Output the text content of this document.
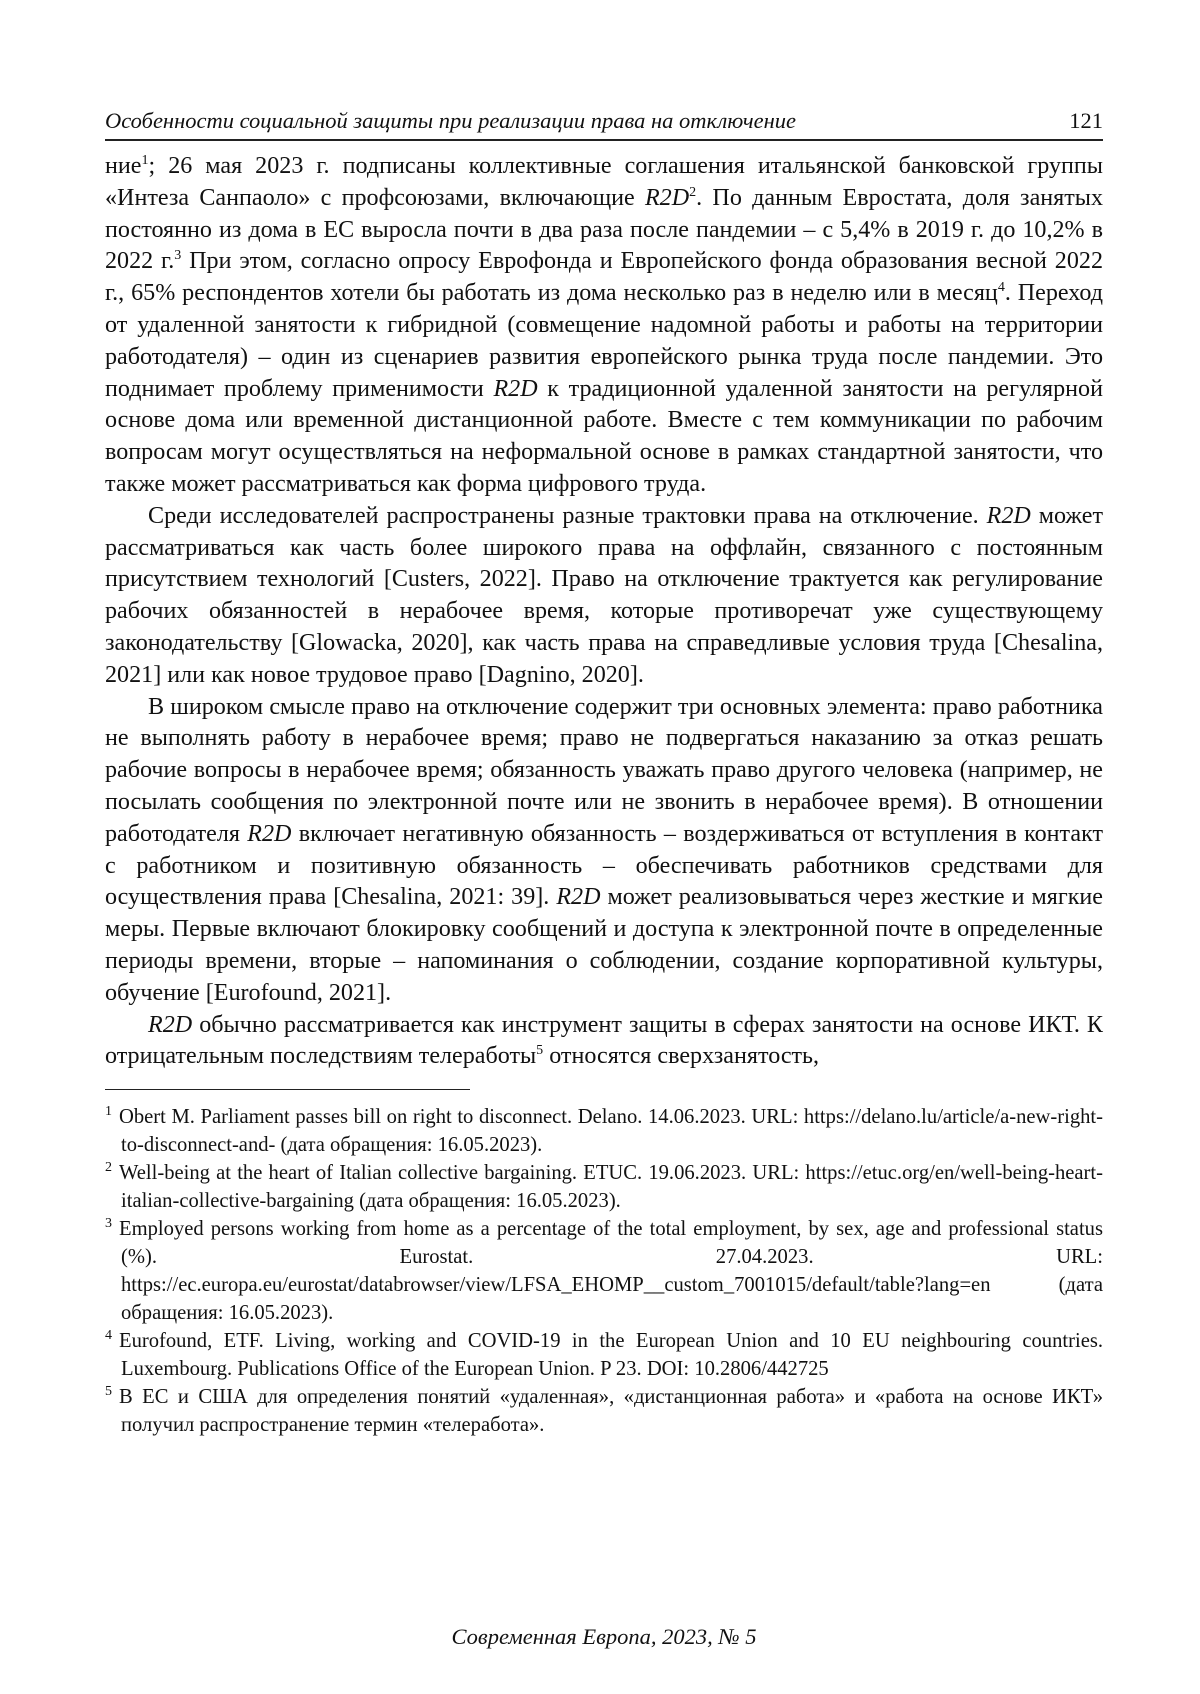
Особенности социальной защиты при реализации права на отключение	121

ние$^1$; 26 мая 2023 г. подписаны коллективные соглашения итальянской банковской группы «Интеза Санпаоло» с профсоюзами, включающие $R2D^2$. По данным Евростата, доля занятых постоянно из дома в ЕС выросла почти в два раза после пандемии – с 5,4% в 2019 г. до 10,2% в 2022 г.$^3$ При этом, согласно опросу Еврофонда и Европейского фонда образования весной 2022 г., 65% респондентов хотели бы работать из дома несколько раз в неделю или в месяц$^4$. Переход от удаленной занятости к гибридной (совмещение надомной работы и работы на территории работодателя) – один из сценариев развития европейского рынка труда после пандемии. Это поднимает проблему применимости R2D к традиционной удаленной занятости на регулярной основе дома или временной дистанционной работе. Вместе с тем коммуникации по рабочим вопросам могут осуществляться на неформальной основе в рамках стандартной занятости, что также может рассматриваться как форма цифрового труда.

Среди исследователей распространены разные трактовки права на отключение. R2D может рассматриваться как часть более широкого права на оффлайн, связанного с постоянным присутствием технологий [Custers, 2022]. Право на отключение трактуется как регулирование рабочих обязанностей в нерабочее время, которые противоречат уже существующему законодательству [Glowacka, 2020], как часть права на справедливые условия труда [Chesalina, 2021] или как новое трудовое право [Dagnino, 2020].

В широком смысле право на отключение содержит три основных элемента: право работника не выполнять работу в нерабочее время; право не подвергаться наказанию за отказ решать рабочие вопросы в нерабочее время; обязанность уважать право другого человека (например, не посылать сообщения по электронной почте или не звонить в нерабочее время). В отношении работодателя R2D включает негативную обязанность – воздерживаться от вступления в контакт с работником и позитивную обязанность – обеспечивать работников средствами для осуществления права [Chesalina, 2021: 39]. R2D может реализовываться через жесткие и мягкие меры. Первые включают блокировку сообщений и доступа к электронной почте в определенные периоды времени, вторые – напоминания о соблюдении, создание корпоративной культуры, обучение [Eurofound, 2021].

R2D обычно рассматривается как инструмент защиты в сферах занятости на основе ИКТ. К отрицательным последствиям телеработы$^5$ относятся сверхзанятость,

$^1$ Obert M. Parliament passes bill on right to disconnect. Delano. 14.06.2023. URL: https://delano.lu/article/a-new-right-to-disconnect-and- (дата обращения: 16.05.2023).

$^2$ Well-being at the heart of Italian collective bargaining. ETUC. 19.06.2023. URL: https://etuc.org/en/well-being-heart-italian-collective-bargaining (дата обращения: 16.05.2023).

$^3$ Employed persons working from home as a percentage of the total employment, by sex, age and professional status (%). Eurostat. 27.04.2023. URL: https://ec.europa.eu/eurostat/databrowser/view/LFSA_EHOMP__custom_7001015/default/table?lang=en (дата обращения: 16.05.2023).

$^4$ Eurofound, ETF. Living, working and COVID-19 in the European Union and 10 EU neighbouring countries. Luxembourg. Publications Office of the European Union. P 23. DOI: 10.2806/442725

$^5$ В ЕС и США для определения понятий «удаленная», «дистанционная работа» и «работа на основе ИКТ» получил распространение термин «телеработа».

Современная Европа, 2023, № 5
